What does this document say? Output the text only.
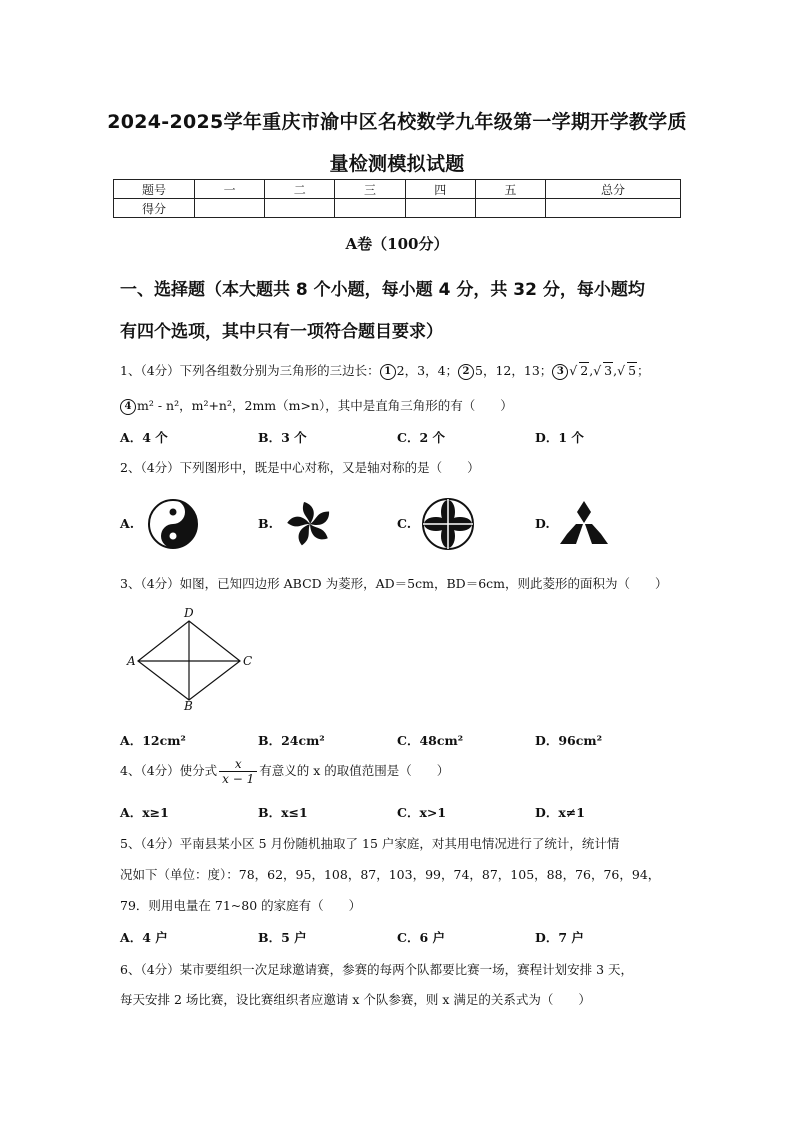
2024-2025学年重庆市渝中区名校数学九年级第一学期开学教学质
量检测模拟试题
题号	一	二	三	四	五	总分
得分						
A卷（100分）
一、选择题（本大题共 8 个小题，每小题 4 分，共 32 分，每小题均
有四个选项，其中只有一项符合题目要求）
1、（4分）下列各组数分别为三角形的三边长： 1 2，3，4； 2 5，12，13； 3 √ 2,√ 3,√ 5；
4 m² - n²，m²+n²，2mm（m>n），其中是直角三角形的有（　　）
A．4 个	B．3 个	C．2 个	D．1 个
2、（4分）下列图形中，既是中心对称，又是轴对称的是（　　）
A.	B.	C.	D.
3、（4分）如图，已知四边形 ABCD 为菱形，AD＝5cm，BD＝6cm，则此菱形的面积为（　　）
D
A	C
B
A．12cm²	B．24cm²	C．48cm²	D．96cm²
4、（4分）使分式 $\frac{x}{x - 1}$ 有意义的 x 的取值范围是（　　）
A．x≥1	B．x≤1	C．x>1	D．x≠1
5、（4分）平南县某小区 5 月份随机抽取了 15 户家庭，对其用电情况进行了统计，统计情
况如下（单位：度）：78，62，95，108，87，103，99，74，87，105，88，76，76，94，
79．则用电量在 71~80 的家庭有（　　）
A．4 户	B．5 户	C．6 户	D．7 户
6、（4分）某市要组织一次足球邀请赛，参赛的每两个队都要比赛一场，赛程计划安排 3 天，
每天安排 2 场比赛，设比赛组织者应邀请 x 个队参赛，则 x 满足的关系式为（　　）
